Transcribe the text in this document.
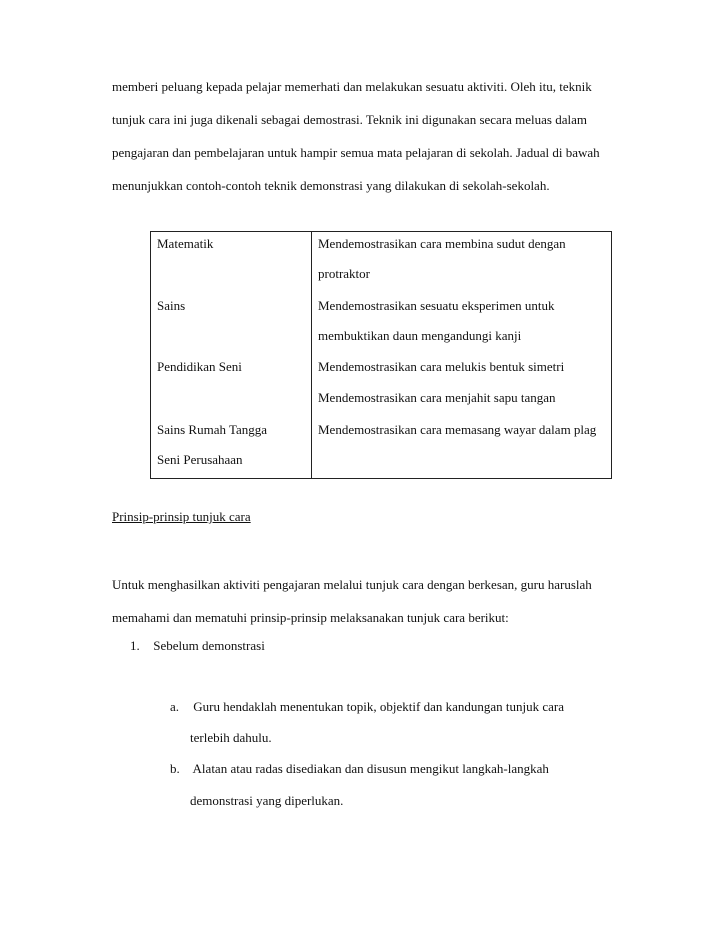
memberi peluang kepada pelajar memerhati dan melakukan sesuatu aktiviti. Oleh itu, teknik
tunjuk cara ini juga dikenali sebagai demostrasi. Teknik ini digunakan secara meluas dalam
pengajaran dan pembelajaran untuk hampir semua mata pelajaran di sekolah. Jadual di bawah
menunjukkan contoh-contoh teknik demonstrasi yang dilakukan di sekolah-sekolah.
Matematik
Sains
Pendidikan Seni
Sains Rumah Tangga
Seni Perusahaan
Mendemostrasikan cara membina sudut dengan
protraktor
Mendemostrasikan sesuatu eksperimen untuk
membuktikan daun mengandungi kanji
Mendemostrasikan cara melukis bentuk simetri
Mendemostrasikan cara menjahit sapu tangan
Mendemostrasikan cara memasang wayar dalam plag
Prinsip-prinsip tunjuk cara
Untuk menghasilkan aktiviti pengajaran melalui tunjuk cara dengan berkesan, guru haruslah
memahami dan mematuhi prinsip-prinsip melaksanakan tunjuk cara berikut:
1. Sebelum demonstrasi
a. Guru hendaklah menentukan topik, objektif dan kandungan tunjuk cara
terlebih dahulu.
b. Alatan atau radas disediakan dan disusun mengikut langkah-langkah
demonstrasi yang diperlukan.
